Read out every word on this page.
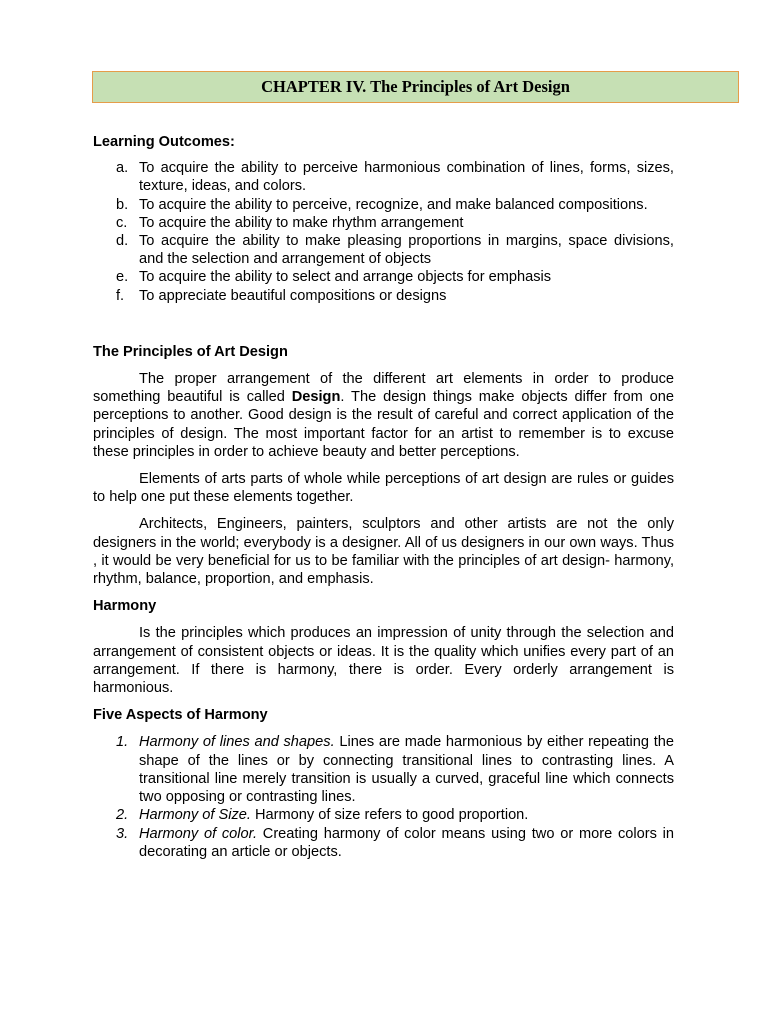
CHAPTER IV. The Principles of Art Design

Learning Outcomes:

a. To acquire the ability to perceive harmonious combination of lines, forms, sizes, texture, ideas, and colors.
b. To acquire the ability to perceive, recognize, and make balanced compositions.
c. To acquire the ability to make rhythm arrangement
d. To acquire the ability to make pleasing proportions in margins, space divisions, and the selection and arrangement of objects
e. To acquire the ability to select and arrange objects for emphasis
f. To appreciate beautiful compositions or designs

The Principles of Art Design

The proper arrangement of the different art elements in order to produce something beautiful is called Design. The design things make objects differ from one perceptions to another. Good design is the result of careful and correct application of the principles of design. The most important factor for an artist to remember is to excuse these principles in order to achieve beauty and better perceptions.

Elements of arts parts of whole while perceptions of art design are rules or guides to help one put these elements together.

Architects, Engineers, painters, sculptors and other artists are not the only designers in the world; everybody is a designer. All of us designers in our own ways. Thus , it would be very beneficial for us to be familiar with the principles of art design- harmony, rhythm, balance, proportion, and emphasis.

Harmony

Is the principles which produces an impression of unity through the selection and arrangement of consistent objects or ideas. It is the quality which unifies every part of an arrangement. If there is harmony, there is order. Every orderly arrangement is harmonious.

Five Aspects of Harmony

1. Harmony of lines and shapes. Lines are made harmonious by either repeating the shape of the lines or by connecting transitional lines to contrasting lines. A transitional line merely transition is usually a curved, graceful line which connects two opposing or contrasting lines.
2. Harmony of Size. Harmony of size refers to good proportion.
3. Harmony of color. Creating harmony of color means using two or more colors in decorating an article or objects.
